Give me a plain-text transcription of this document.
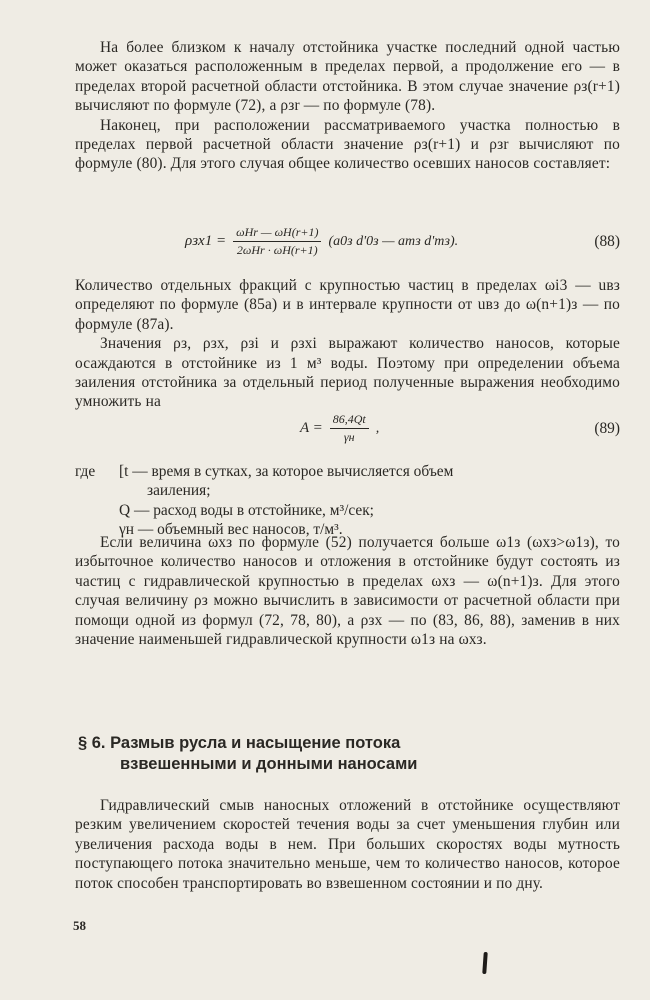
На более близком к началу отстойника участке последний одной частью может оказаться расположенным в пределах первой, а продолжение его — в пределах второй расчетной области отстойника. В этом случае значение ρз(r+1) вычисляют по формуле (72), а ρзr — по формуле (78).

Наконец, при расположении рассматриваемого участка полностью в пределах первой расчетной области значение ρз(r+1) и ρзr вычисляют по формуле (80). Для этого случая общее количество осевших наносов составляет:

$\rho зх1 = \frac{\text{ωHr — ωH(r+1)}}{\text{2ωHr · ωH(r+1)}} (a0з$ d'0з — aтз d'тз).	(88)

Количество отдельных фракций с крупностью частиц в пределах ωi3 — uвз определяют по формуле (85а) и в интервале крупности от uвз до ω(n+1)з — по формуле (87а).

Значения ρз, ρзх, ρзi и ρзхi выражают количество наносов, которые осаждаются в отстойнике из 1 м³ воды. Поэтому при определении объема заиления отстойника за отдельный период полученные выражения необходимо умножить на

$A = \frac{86,4Qt}{\gamma н}$ ,	(89)
где	[t — время в сутках, за которое вычисляется объем
заиления;
Q — расход воды в отстойнике, м³/сек;
γн — объемный вес наносов, т/м³.

Если величина ωхз по формуле (52) получается больше ω1з (ωхз>ω1з), то избыточное количество наносов и отложения в отстойнике будут состоять из частиц с гидравлической крупностью в пределах ωхз — ω(n+1)з. Для этого случая величину ρз можно вычислить в зависимости от расчетной области при помощи одной из формул (72, 78, 80), а ρзх — по (83, 86, 88), заменив в них значение наименьшей гидравлической крупности ω1з на ωхз.

§ 6. Размыв русла и насыщение потока
взвешенными и донными наносами

Гидравлический смыв наносных отложений в отстойнике осуществляют резким увеличением скоростей течения воды за счет уменьшения глубин или увеличения расхода воды в нем. При больших скоростях воды мутность поступающего потока значительно меньше, чем то количество наносов, которое поток способен транспортировать во взвешенном состоянии и по дну.

58
